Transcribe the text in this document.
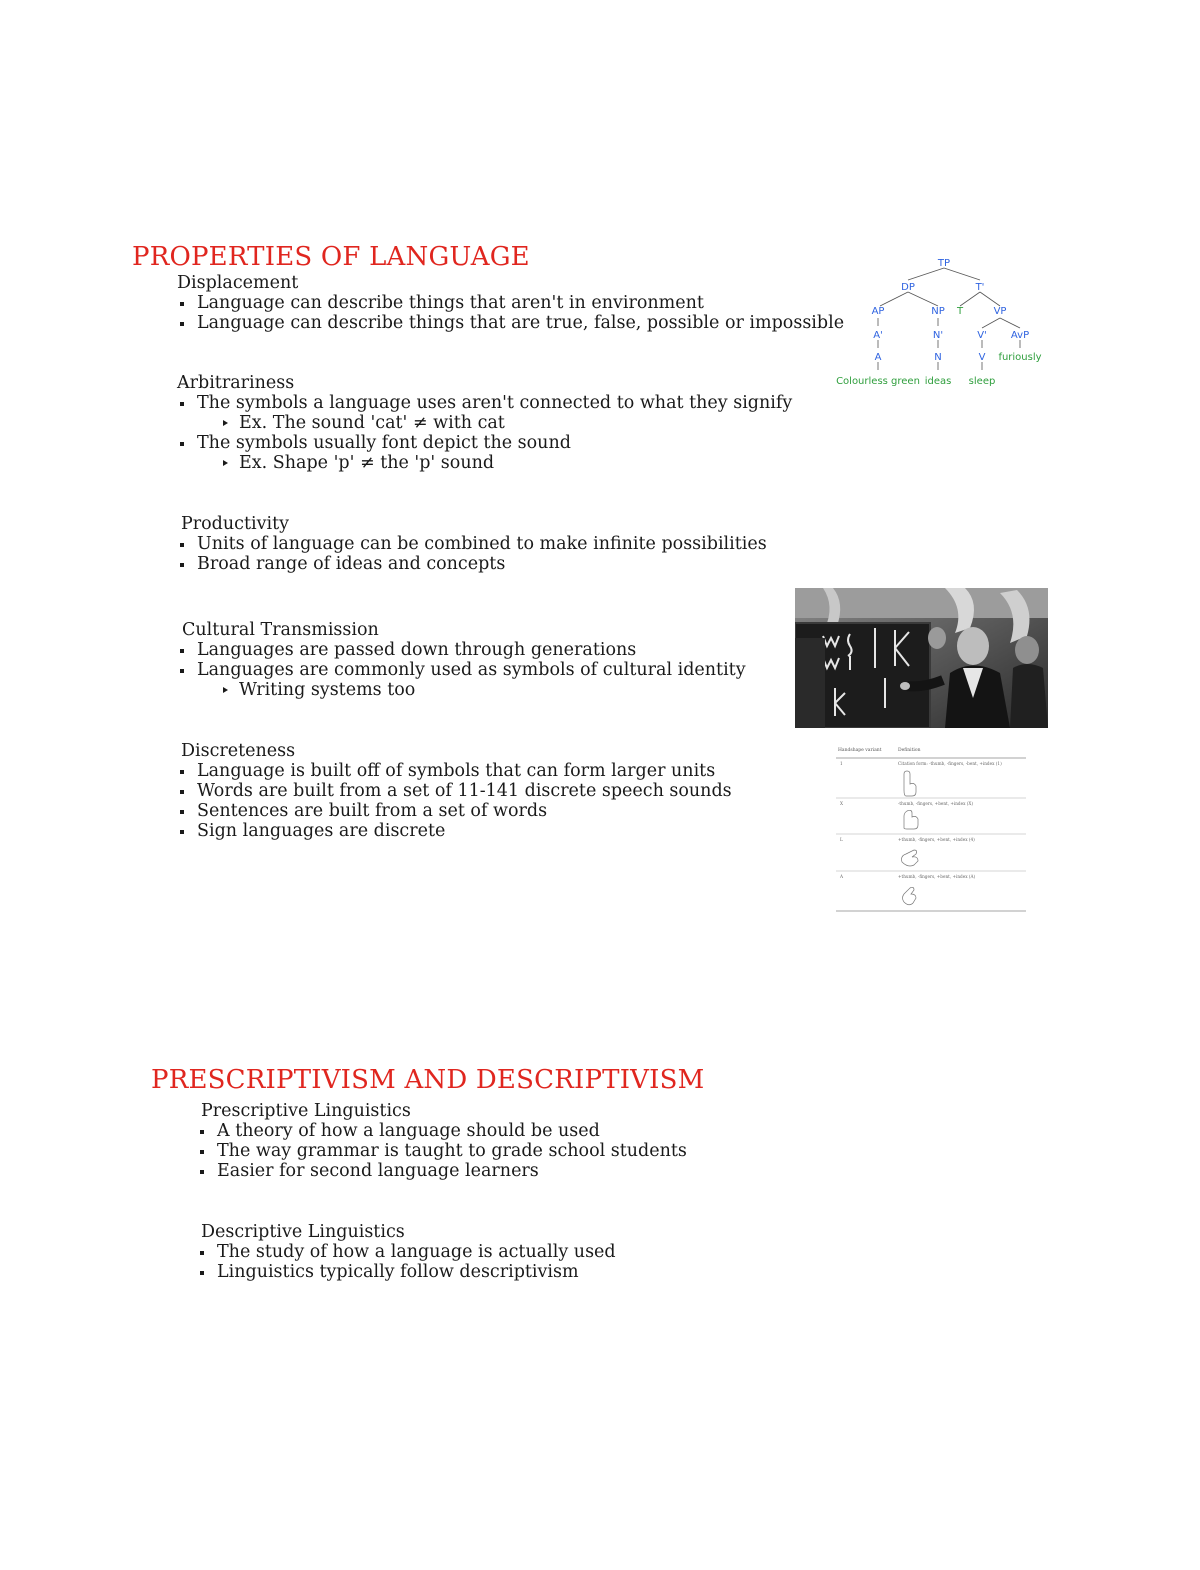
PROPERTIES OF LANGUAGE
Displacement
Language can describe things that aren't in environment
Language can describe things that are true, false, possible or impossible
Arbitrariness
The symbols a language uses aren't connected to what they signify
Ex. The sound 'cat' ≠ with cat
The symbols usually font depict the sound
Ex. Shape 'p' ≠ the 'p' sound
Productivity
Units of language can be combined to make infinite possibilities
Broad range of ideas and concepts
Cultural Transmission
Languages are passed down through generations
Languages are commonly used as symbols of cultural identity
Writing systems too
Discreteness
Language is built off of symbols that can form larger units
Words are built from a set of 11-141 discrete speech sounds
Sentences are built from a set of words
Sign languages are discrete
TP
DP	T'
AP	NP T	VP
A'	N'	V' AvP
A	N	V
Colourless green ideas sleep
furiously
Handshape variant	Definition
1	Citation form: -thumb, -fingers, -bent, +index (1)
X	-thumb, -fingers, +bent, +index (X)
L	+thumb, -fingers, +bent, +index (4)
A	+thumb, -fingers, +bent, +index (A)
PRESCRIPTIVISM AND DESCRIPTIVISM
Prescriptive Linguistics
A theory of how a language should be used
The way grammar is taught to grade school students
Easier for second language learners
Descriptive Linguistics
The study of how a language is actually used
Linguistics typically follow descriptivism
